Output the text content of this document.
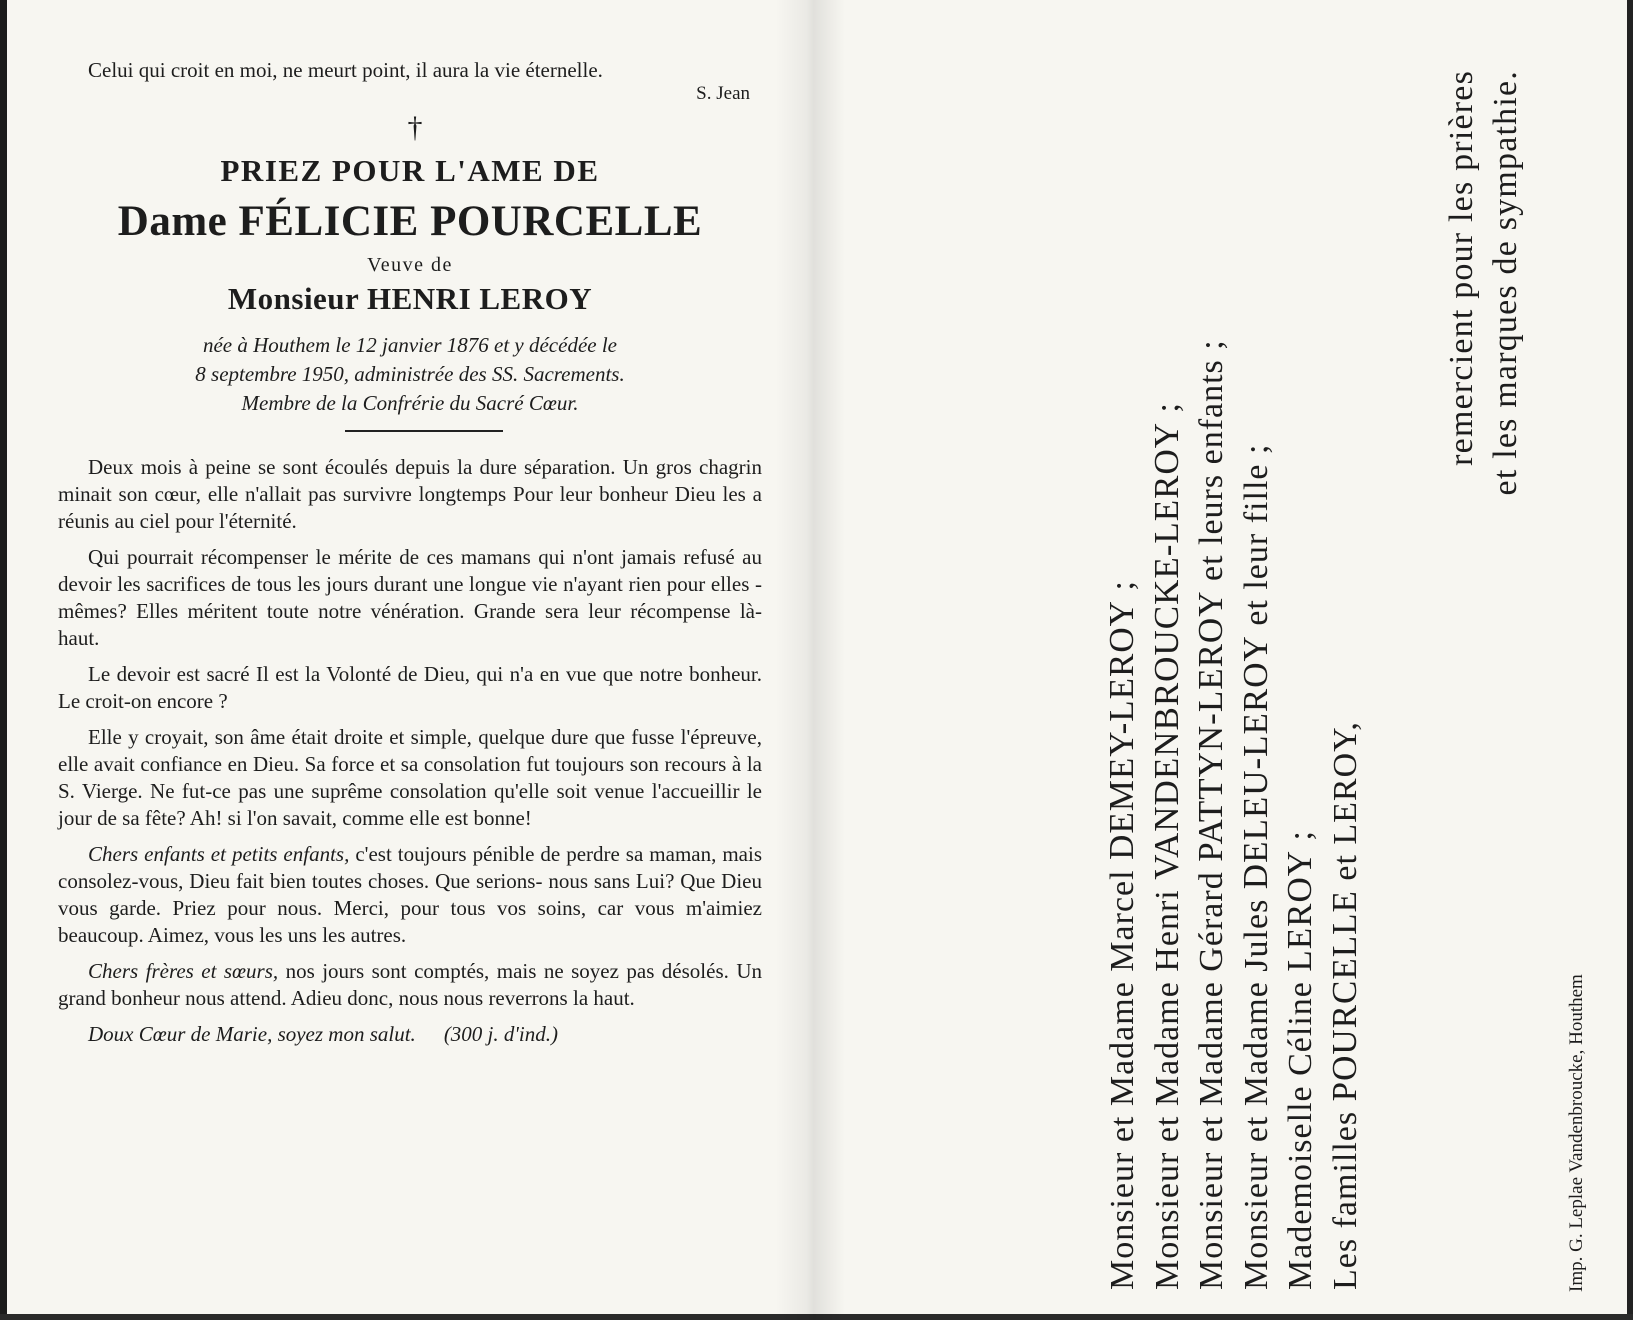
Celui qui croit en moi, ne meurt point, il aura la vie éternelle.

S. Jean
†
PRIEZ POUR L'AME DE
Dame FÉLICIE POURCELLE
Veuve de
Monsieur HENRI LEROY
née à Houthem le 12 janvier 1876 et y décédée le
8 septembre 1950, administrée des SS. Sacrements.
Membre de la Confrérie du Sacré Cœur.

Deux mois à peine se sont écoulés depuis la dure séparation. Un gros chagrin minait son cœur, elle n'allait pas survivre longtemps Pour leur bonheur Dieu les a réunis au ciel pour l'éternité.

Qui pourrait récompenser le mérite de ces mamans qui n'ont jamais refusé au devoir les sacrifices de tous les jours durant une longue vie n'ayant rien pour elles - mêmes? Elles méritent toute notre vénération. Grande sera leur récompense là-haut.

Le devoir est sacré Il est la Volonté de Dieu, qui n'a en vue que notre bonheur. Le croit-on encore ?

Elle y croyait, son âme était droite et simple, quelque dure que fusse l'épreuve, elle avait confiance en Dieu. Sa force et sa consolation fut toujours son recours à la S. Vierge. Ne fut-ce pas une suprême consolation qu'elle soit venue l'accueillir le jour de sa fête? Ah! si l'on savait, comme elle est bonne!

Chers enfants et petits enfants, c'est toujours pénible de perdre sa maman, mais consolez-vous, Dieu fait bien toutes choses. Que serions- nous sans Lui? Que Dieu vous garde. Priez pour nous. Merci, pour tous vos soins, car vous m'aimiez beaucoup. Aimez, vous les uns les autres.

Chers frères et sœurs, nos jours sont comptés, mais ne soyez pas désolés. Un grand bonheur nous attend. Adieu donc, nous nous reverrons la haut.

Doux Cœur de Marie, soyez mon salut. (300 j. d'ind.)	Monsieur et Madame Marcel DEMEY-LEROY ;
Monsieur et Madame Henri VANDENBROUCKE-LEROY ;
Monsieur et Madame Gérard PATTYN-LEROY et leurs enfants ;
Monsieur et Madame Jules DELEU-LEROY et leur fille ;
Mademoiselle Céline LEROY ;
Les familles POURCELLE et LEROY,
remercient pour les prières et les marques de sympathie.
Imp. G. Leplae Vandenbroucke, Houthem
